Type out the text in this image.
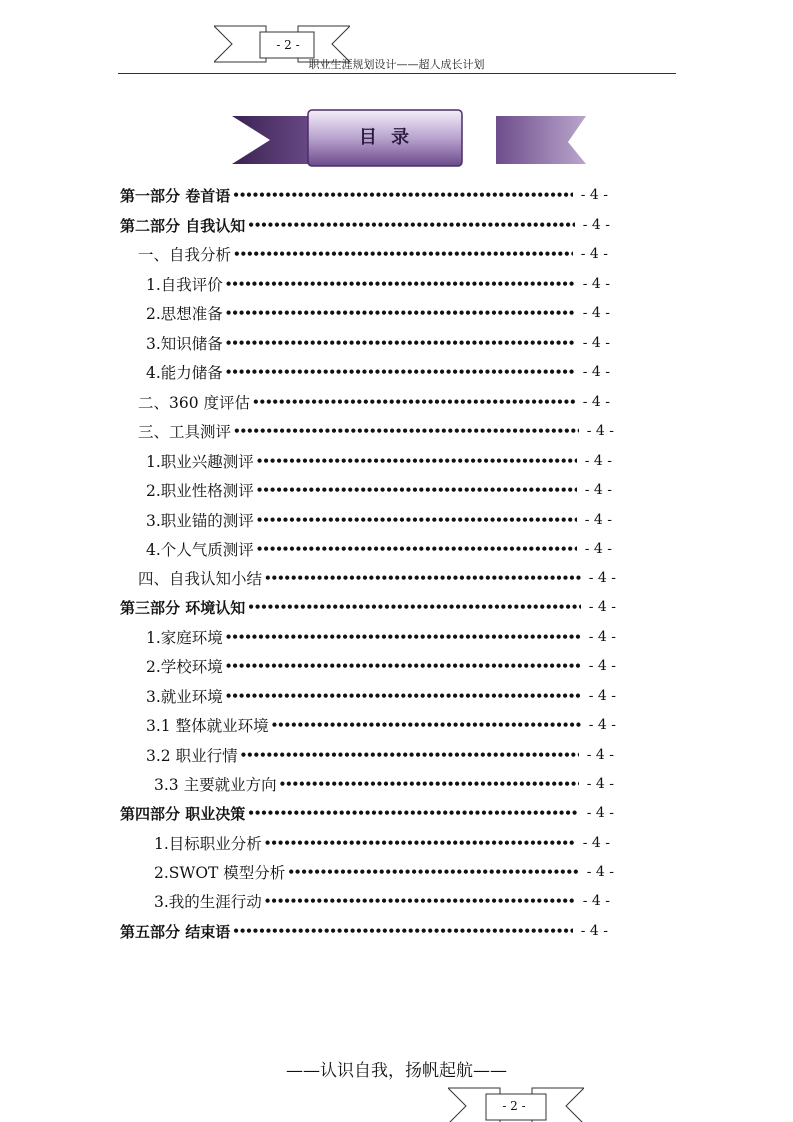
- 2 -
职业生涯规划设计——超人成长计划
目 录
第一部分 卷首语 •••••	- 4 -
第二部分 自我认知 •••••	- 4 -
一、自我分析 •••••	- 4 -
1.自我评价 •••••	- 4 -
2.思想准备 •••••	- 4 -
3.知识储备 •••••	- 4 -
4.能力储备 •••••	- 4 -
二、360 度评估 •••••	- 4 -
三、工具测评 •••••	- 4 -
1.职业兴趣测评 •••••	- 4 -
2.职业性格测评 •••••	- 4 -
3.职业锚的测评 •••••	- 4 -
4.个人气质测评 •••••	- 4 -
四、自我认知小结 •••••	- 4 -
第三部分 环境认知 •••••	- 4 -
1.家庭环境 •••••	- 4 -
2.学校环境 •••••	- 4 -
3.就业环境 •••••	- 4 -
3.1 整体就业环境 •••••	- 4 -
3.2 职业行情 •••••	- 4 -
3.3 主要就业方向 •••••	- 4 -
第四部分 职业决策 •••••	- 4 -
1.目标职业分析 •••••	- 4 -
2.SWOT 模型分析 •••••	- 4 -
3.我的生涯行动 •••••	- 4 -
第五部分 结束语 •••••	- 4 -
——认识自我，扬帆起航——
- 2 -
